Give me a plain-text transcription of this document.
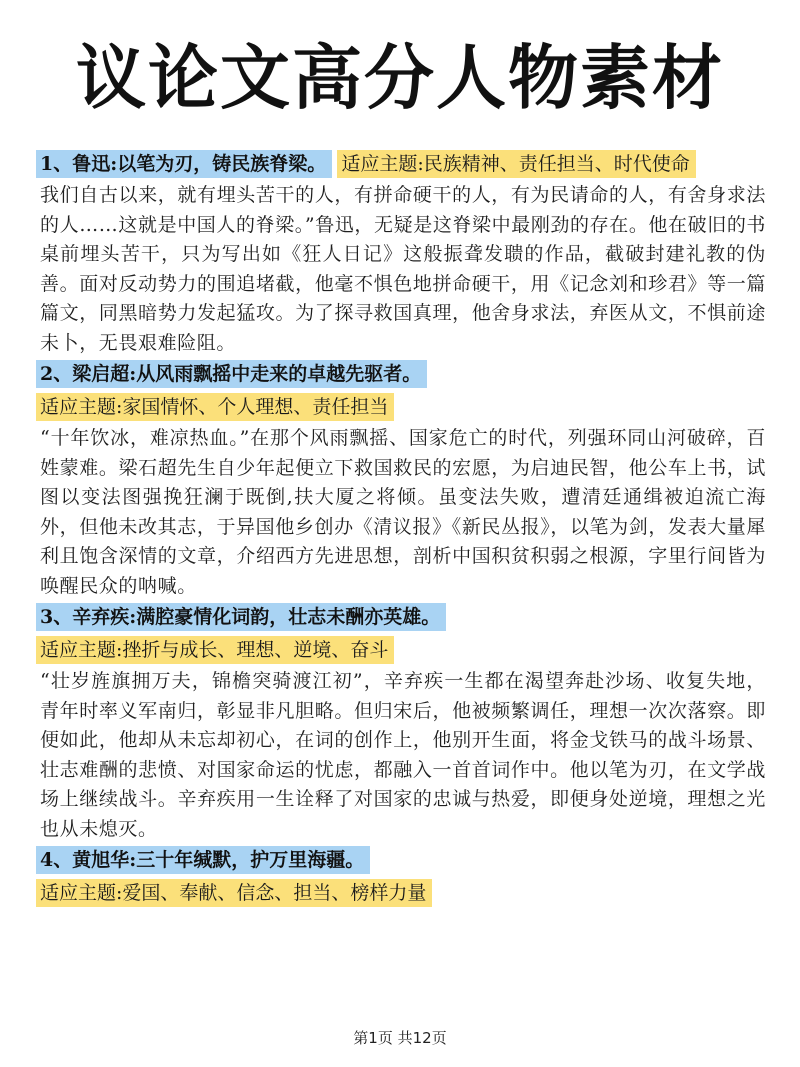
议论文高分人物素材
1、鲁迅:以笔为刃，铸民族脊梁。 适应主题:民族精神、责任担当、时代使命

我们自古以来，就有埋头苦干的人，有拼命硬干的人，有为民请命的人，有舍身求法的人……这就是中国人的脊梁。”鲁迅，无疑是这脊梁中最刚劲的存在。他在破旧的书桌前埋头苦干，只为写出如《狂人日记》这般振聋发聩的作品，截破封建礼教的伪善。面对反动势力的围追堵截，他毫不惧色地拼命硬干，用《记念刘和珍君》等一篇篇文，同黑暗势力发起猛攻。为了探寻救国真理，他舍身求法，弃医从文，不惧前途未卜，无畏艰难险阻。

2、梁启超:从风雨飘摇中走来的卓越先驱者。 适应主题:家国情怀、个人理想、责任担当

“十年饮冰，难凉热血。”在那个风雨飘摇、国家危亡的时代，列强环同山河破碎，百姓蒙难。梁石超先生自少年起便立下救国救民的宏愿，为启迪民智，他公车上书，试图以变法图强挽狂澜于既倒,扶大厦之将倾。虽变法失败，遭清廷通缉被迫流亡海外，但他未改其志，于异国他乡创办《清议报》《新民丛报》，以笔为剑，发表大量犀利且饱含深情的文章，介绍西方先进思想，剖析中国积贫积弱之根源，字里行间皆为唤醒民众的呐喊。

3、辛弃疾:满腔豪情化词韵，壮志未酬亦英雄。 适应主题:挫折与成长、理想、逆境、奋斗

“壮岁旌旗拥万夫，锦檐突骑渡江初”，辛弃疾一生都在渴望奔赴沙场、收复失地，青年时率义军南归，彰显非凡胆略。但归宋后，他被频繁调任，理想一次次落察。即便如此，他却从未忘却初心，在词的创作上，他别开生面，将金戈铁马的战斗场景、壮志难酬的悲愤、对国家命运的忧虑，都融入一首首词作中。他以笔为刃，在文学战场上继续战斗。辛弃疾用一生诠释了对国家的忠诚与热爱，即便身处逆境，理想之光也从未熄灭。

4、黄旭华:三十年缄默，护万里海疆。 适应主题:爱国、奉献、信念、担当、榜样力量
第1页 共12页
